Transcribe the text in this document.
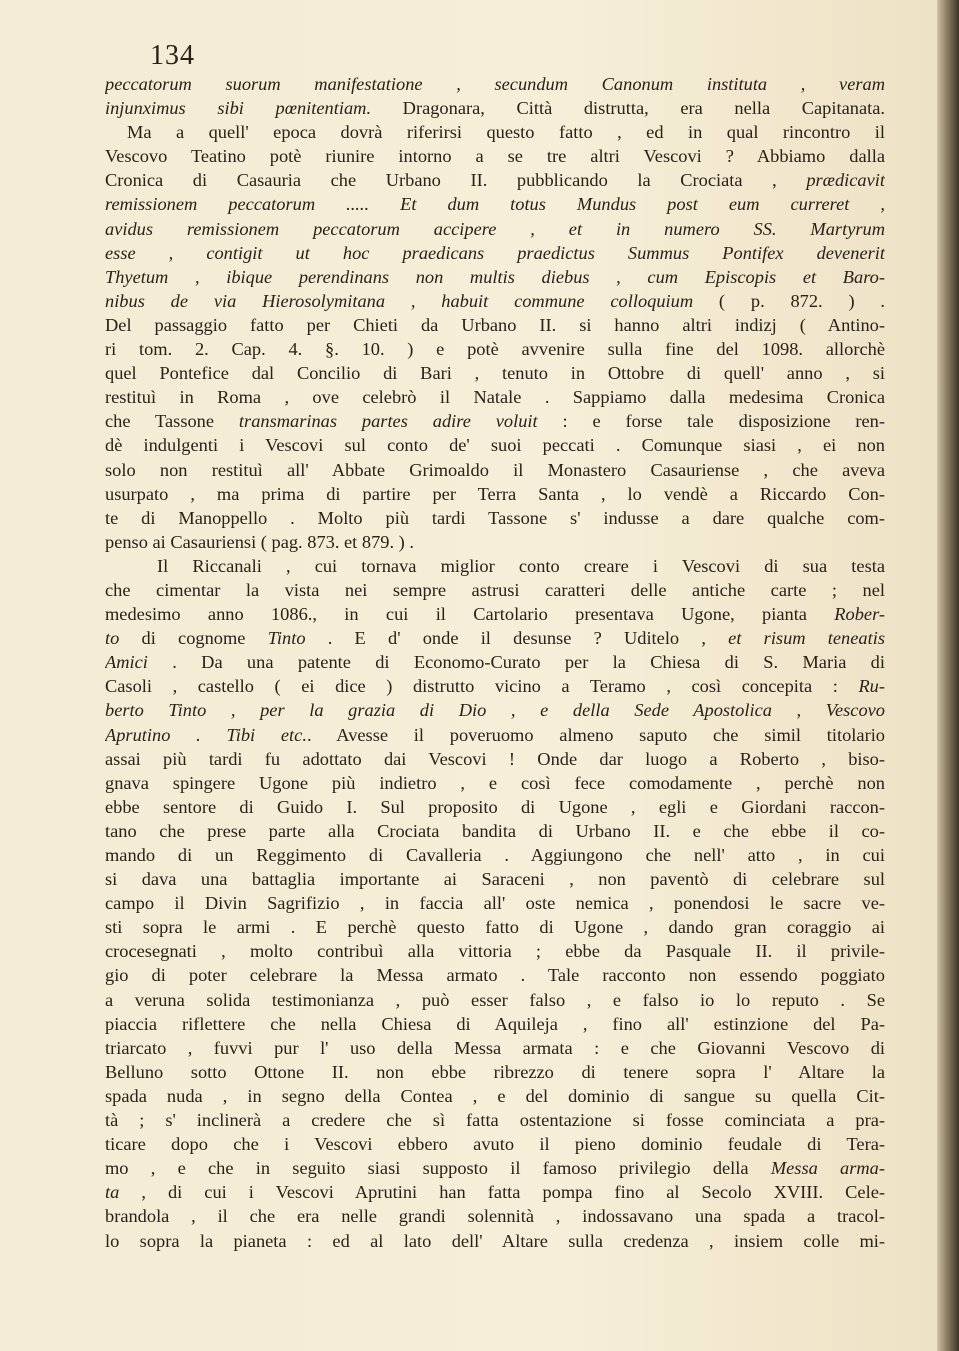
134
peccatorum suorum manifestatione , secundum Canonum instituta , veram
injunximus sibi pœnitentiam. Dragonara, Città distrutta, era nella Capitanata.
Ma a quell' epoca dovrà riferirsi questo fatto , ed in qual rincontro il
Vescovo Teatino potè riunire intorno a se tre altri Vescovi ? Abbiamo dalla
Cronica di Casauria che Urbano II. pubblicando la Crociata , prædicavit
remissionem peccatorum ..... Et dum totus Mundus post eum curreret ,
avidus remissionem peccatorum accipere , et in numero SS. Martyrum
esse , contigit ut hoc praedicans praedictus Summus Pontifex devenerit
Thyetum , ibique perendinans non multis diebus , cum Episcopis et Baro-
nibus de via Hierosolymitana , habuit commune colloquium ( p. 872. ) .
Del passaggio fatto per Chieti da Urbano II. si hanno altri indizj ( Antino-
ri tom. 2. Cap. 4. §. 10. ) e potè avvenire sulla fine del 1098. allorchè
quel Pontefice dal Concilio di Bari , tenuto in Ottobre di quell' anno , si
restituì in Roma , ove celebrò il Natale . Sappiamo dalla medesima Cronica
che Tassone transmarinas partes adire voluit : e forse tale disposizione ren-
dè indulgenti i Vescovi sul conto de' suoi peccati . Comunque siasi , ei non
solo non restituì all' Abbate Grimoaldo il Monastero Casauriense , che aveva
usurpato , ma prima di partire per Terra Santa , lo vendè a Riccardo Con-
te di Manoppello . Molto più tardi Tassone s' indusse a dare qualche com-
penso ai Casauriensi ( pag. 873. et 879. ) .
Il Riccanali , cui tornava miglior conto creare i Vescovi di sua testa
che cimentar la vista nei sempre astrusi caratteri delle antiche carte ; nel
medesimo anno 1086., in cui il Cartolario presentava Ugone, pianta Rober-
to di cognome Tinto . E d' onde il desunse ? Uditelo , et risum teneatis
Amici . Da una patente di Economo-Curato per la Chiesa di S. Maria di
Casoli , castello ( ei dice ) distrutto vicino a Teramo , così concepita : Ru-
berto Tinto , per la grazia di Dio , e della Sede Apostolica , Vescovo
Aprutino . Tibi etc.. Avesse il poveruomo almeno saputo che simil titolario
assai più tardi fu adottato dai Vescovi ! Onde dar luogo a Roberto , biso-
gnava spingere Ugone più indietro , e così fece comodamente , perchè non
ebbe sentore di Guido I. Sul proposito di Ugone , egli e Giordani raccon-
tano che prese parte alla Crociata bandita di Urbano II. e che ebbe il co-
mando di un Reggimento di Cavalleria . Aggiungono che nell' atto , in cui
si dava una battaglia importante ai Saraceni , non paventò di celebrare sul
campo il Divin Sagrifizio , in faccia all' oste nemica , ponendosi le sacre ve-
sti sopra le armi . E perchè questo fatto di Ugone , dando gran coraggio ai
crocesegnati , molto contribuì alla vittoria ; ebbe da Pasquale II. il privile-
gio di poter celebrare la Messa armato . Tale racconto non essendo poggiato
a veruna solida testimonianza , può esser falso , e falso io lo reputo . Se
piaccia riflettere che nella Chiesa di Aquileja , fino all' estinzione del Pa-
triarcato , fuvvi pur l' uso della Messa armata : e che Giovanni Vescovo di
Belluno sotto Ottone II. non ebbe ribrezzo di tenere sopra l' Altare la
spada nuda , in segno della Contea , e del dominio di sangue su quella Cit-
tà ; s' inclinerà a credere che sì fatta ostentazione si fosse cominciata a pra-
ticare dopo che i Vescovi ebbero avuto il pieno dominio feudale di Tera-
mo , e che in seguito siasi supposto il famoso privilegio della Messa arma-
ta , di cui i Vescovi Aprutini han fatta pompa fino al Secolo XVIII. Cele-
brandola , il che era nelle grandi solennità , indossavano una spada a tracol-
lo sopra la pianeta : ed al lato dell' Altare sulla credenza , insiem colle mi-
